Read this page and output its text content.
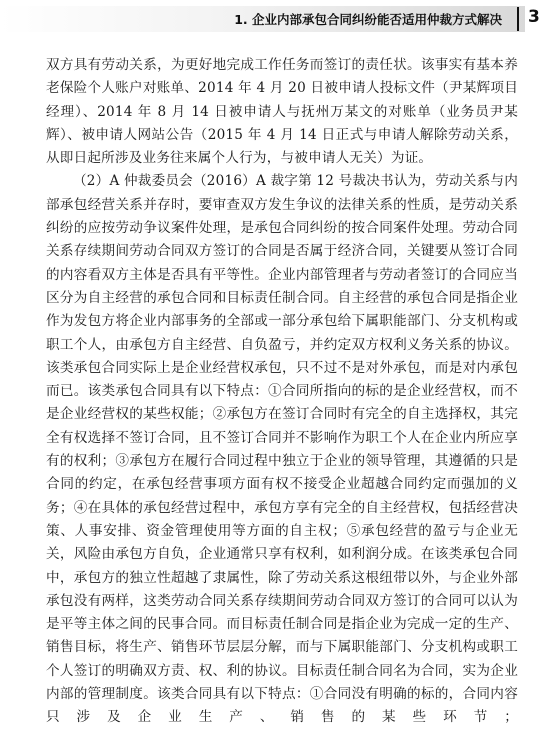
1. 企业内部承包合同纠纷能否适用仲裁方式解决 3

双方具有劳动关系，为更好地完成工作任务而签订的责任状。该事实有基本养老保险个人账户对账单、2014 年 4 月 20 日被申请人投标文件（尹某辉项目经理）、2014 年 8 月 14 日被申请人与抚州万某文的对账单（业务员尹某辉）、被申请人网站公告（2015 年 4 月 14 日正式与申请人解除劳动关系，从即日起所涉及业务往来属个人行为，与被申请人无关）为证。

（2）A 仲裁委员会（2016）A 裁字第 12 号裁决书认为，劳动关系与内部承包经营关系并存时，要审查双方发生争议的法律关系的性质，是劳动关系纠纷的应按劳动争议案件处理，是承包合同纠纷的按合同案件处理。劳动合同关系存续期间劳动合同双方签订的合同是否属于经济合同，关键要从签订合同的内容看双方主体是否具有平等性。企业内部管理者与劳动者签订的合同应当区分为自主经营的承包合同和目标责任制合同。自主经营的承包合同是指企业作为发包方将企业内部事务的全部或一部分承包给下属职能部门、分支机构或职工个人，由承包方自主经营、自负盈亏，并约定双方权利义务关系的协议。该类承包合同实际上是企业经营权承包，只不过不是对外承包，而是对内承包而已。该类承包合同具有以下特点：①合同所指向的标的是企业经营权，而不是企业经营权的某些权能；②承包方在签订合同时有完全的自主选择权，其完全有权选择不签订合同，且不签订合同并不影响作为职工个人在企业内所应享有的权利；③承包方在履行合同过程中独立于企业的领导管理，其遵循的只是合同的约定，在承包经营事项方面有权不接受企业超越合同约定而强加的义务；④在具体的承包经营过程中，承包方享有完全的自主经营权，包括经营决策、人事安排、资金管理使用等方面的自主权；⑤承包经营的盈亏与企业无关，风险由承包方自负，企业通常只享有权利，如利润分成。在该类承包合同中，承包方的独立性超越了隶属性，除了劳动关系这根纽带以外，与企业外部承包没有两样，这类劳动合同关系存续期间劳动合同双方签订的合同可以认为是平等主体之间的民事合同。而目标责任制合同是指企业为完成一定的生产、销售目标，将生产、销售环节层层分解，而与下属职能部门、分支机构或职工个人签订的明确双方责、权、利的协议。目标责任制合同名为合同，实为企业内部的管理制度。该类合同具有以下特点：①合同没有明确的标的，合同内容只涉及企业生产、销售的某些环节；
